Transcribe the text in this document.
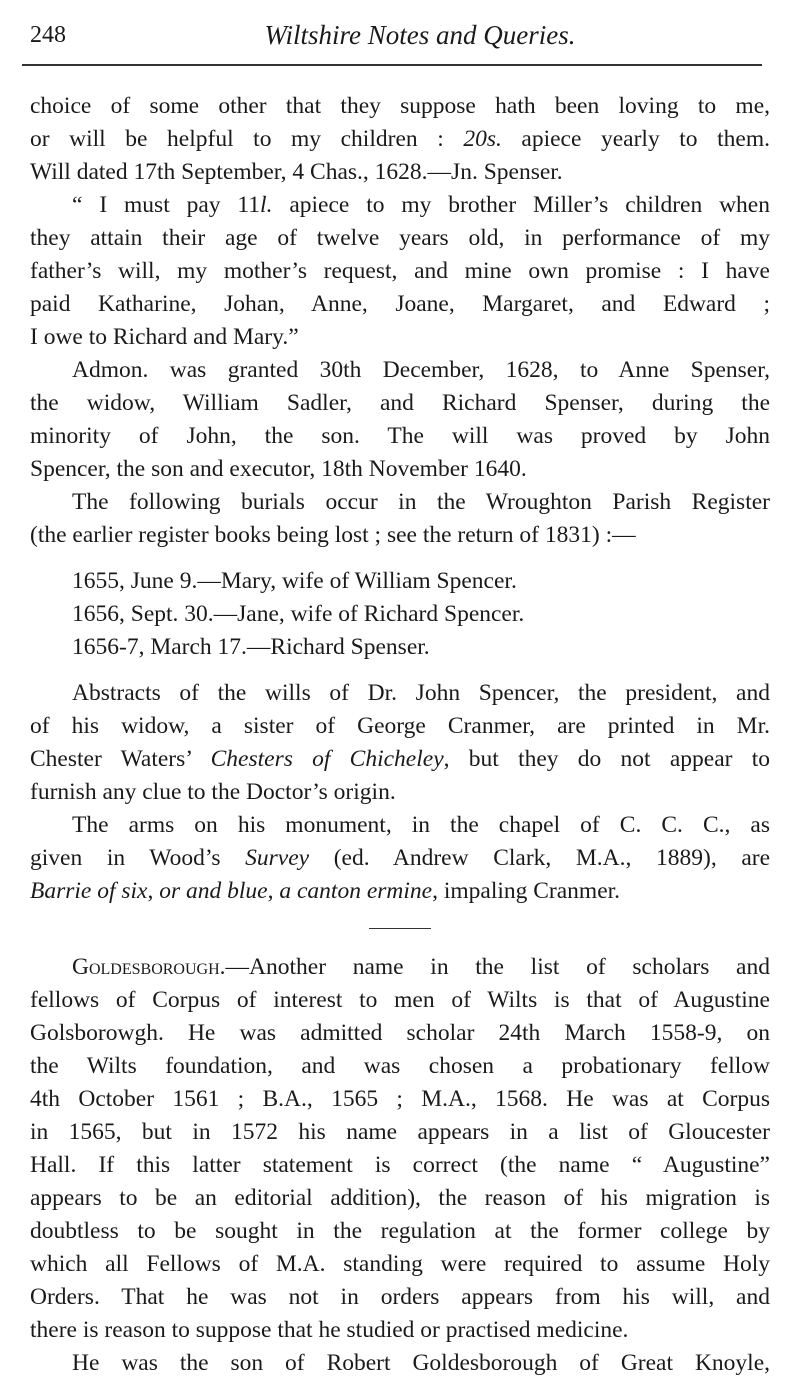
248	Wiltshire Notes and Queries.
choice of some other that they suppose hath been loving to me,
or will be helpful to my children : 20s. apiece yearly to them.
Will dated 17th September, 4 Chas., 1628.—Jn. Spenser.
“ I must pay 11l. apiece to my brother Miller’s children when
they attain their age of twelve years old, in performance of my
father’s will, my mother’s request, and mine own promise : I have
paid Katharine, Johan, Anne, Joane, Margaret, and Edward ;
I owe to Richard and Mary.”
Admon. was granted 30th December, 1628, to Anne Spenser,
the widow, William Sadler, and Richard Spenser, during the
minority of John, the son. The will was proved by John
Spencer, the son and executor, 18th November 1640.
The following burials occur in the Wroughton Parish Register
(the earlier register books being lost ; see the return of 1831) :—
1655, June 9.—Mary, wife of William Spencer.
1656, Sept. 30.—Jane, wife of Richard Spencer.
1656-7, March 17.—Richard Spenser.
Abstracts of the wills of Dr. John Spencer, the president, and
of his widow, a sister of George Cranmer, are printed in Mr.
Chester Waters’ Chesters of Chicheley, but they do not appear to
furnish any clue to the Doctor’s origin.
The arms on his monument, in the chapel of C. C. C., as
given in Wood’s Survey (ed. Andrew Clark, M.A., 1889), are
Barrie of six, or and blue, a canton ermine, impaling Cranmer.
Goldesborough.—Another name in the list of scholars and
fellows of Corpus of interest to men of Wilts is that of Augustine
Golsborowgh. He was admitted scholar 24th March 1558-9, on
the Wilts foundation, and was chosen a probationary fellow
4th October 1561 ; B.A., 1565 ; M.A., 1568. He was at Corpus
in 1565, but in 1572 his name appears in a list of Gloucester
Hall. If this latter statement is correct (the name “ Augustine”
appears to be an editorial addition), the reason of his migration is
doubtless to be sought in the regulation at the former college by
which all Fellows of M.A. standing were required to assume Holy
Orders. That he was not in orders appears from his will, and
there is reason to suppose that he studied or practised medicine.
He was the son of Robert Goldesborough of Great Knoyle,
